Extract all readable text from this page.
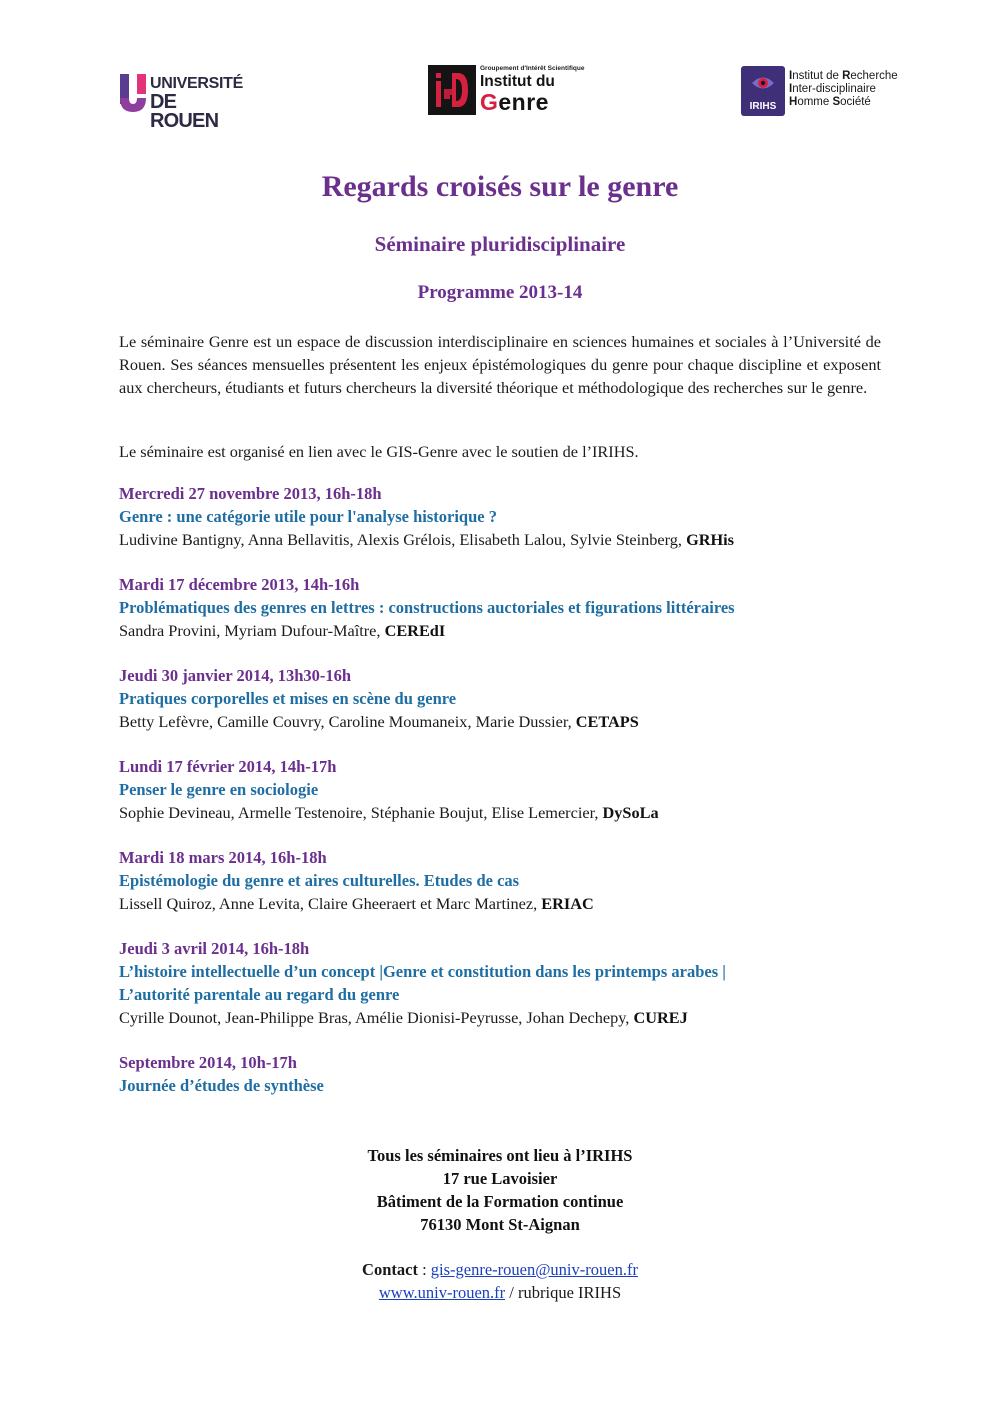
UNIVERSITÉ
DE ROUEN
Groupement d'Intérêt Scientifique
Institut du
Genre	IRIHS
Institut de Recherche
Inter-disciplinaire
Homme Société
Regards croisés sur le genre
Séminaire pluridisciplinaire
Programme 2013-14

Le séminaire Genre est un espace de discussion interdisciplinaire en sciences humaines et sociales à l’Université de Rouen. Ses séances mensuelles présentent les enjeux épistémologiques du genre pour chaque discipline et exposent aux chercheurs, étudiants et futurs chercheurs la diversité théorique et méthodologique des recherches sur le genre.

Le séminaire est organisé en lien avec le GIS-Genre avec le soutien de l’IRIHS.

Mercredi 27 novembre 2013, 16h-18h
Genre : une catégorie utile pour l'analyse historique ?
Ludivine Bantigny, Anna Bellavitis, Alexis Grélois, Elisabeth Lalou, Sylvie Steinberg, GRHis
Mardi 17 décembre 2013, 14h-16h
Problématiques des genres en lettres : constructions auctoriales et figurations littéraires
Sandra Provini, Myriam Dufour-Maître, CEREdI
Jeudi 30 janvier 2014, 13h30-16h
Pratiques corporelles et mises en scène du genre
Betty Lefèvre, Camille Couvry, Caroline Moumaneix, Marie Dussier, CETAPS
Lundi 17 février 2014, 14h-17h
Penser le genre en sociologie
Sophie Devineau, Armelle Testenoire, Stéphanie Boujut, Elise Lemercier, DySoLa
Mardi 18 mars 2014, 16h-18h
Epistémologie du genre et aires culturelles. Etudes de cas
Lissell Quiroz, Anne Levita, Claire Gheeraert et Marc Martinez, ERIAC
Jeudi 3 avril 2014, 16h-18h
L’histoire intellectuelle d’un concept |Genre et constitution dans les printemps arabes |
L’autorité parentale au regard du genre
Cyrille Dounot, Jean-Philippe Bras, Amélie Dionisi-Peyrusse, Johan Dechepy, CUREJ
Septembre 2014, 10h-17h
Journée d’études de synthèse
Tous les séminaires ont lieu à l’IRIHS
17 rue Lavoisier
Bâtiment de la Formation continue
76130 Mont St-Aignan
Contact : gis-genre-rouen@univ-rouen.fr
www.univ-rouen.fr / rubrique IRIHS
